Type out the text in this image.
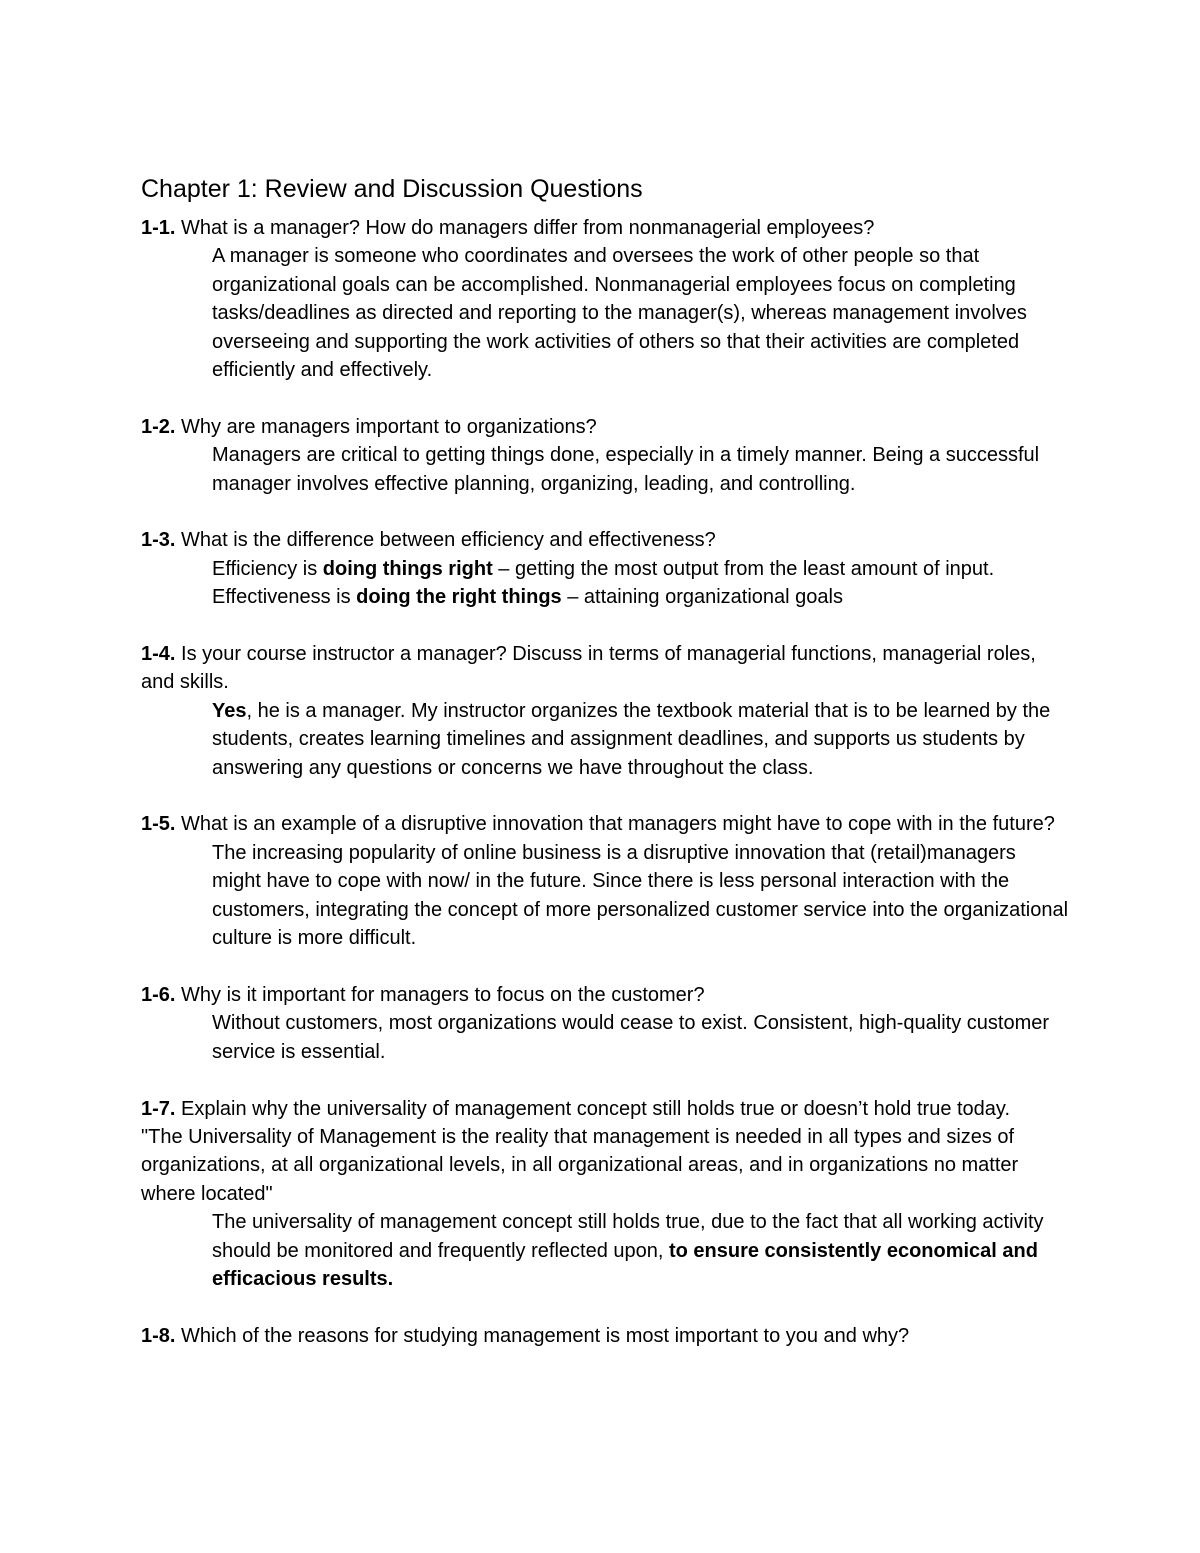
Chapter 1: Review and Discussion Questions

1-1. What is a manager? How do managers differ from nonmanagerial employees?

A manager is someone who coordinates and oversees the work of other people so that organizational goals can be accomplished. Nonmanagerial employees focus on completing tasks/deadlines as directed and reporting to the manager(s), whereas management involves overseeing and supporting the work activities of others so that their activities are completed efficiently and effectively.

1-2. Why are managers important to organizations?

Managers are critical to getting things done, especially in a timely manner. Being a successful manager involves effective planning, organizing, leading, and controlling.

1-3. What is the difference between efficiency and effectiveness?

Efficiency is doing things right – getting the most output from the least amount of input.

Effectiveness is doing the right things – attaining organizational goals

1-4. Is your course instructor a manager? Discuss in terms of managerial functions, managerial roles, and skills.

Yes, he is a manager. My instructor organizes the textbook material that is to be learned by the students, creates learning timelines and assignment deadlines, and supports us students by answering any questions or concerns we have throughout the class.

1-5. What is an example of a disruptive innovation that managers might have to cope with in the future?

The increasing popularity of online business is a disruptive innovation that (retail)managers might have to cope with now/ in the future. Since there is less personal interaction with the customers, integrating the concept of more personalized customer service into the organizational culture is more difficult.

1-6. Why is it important for managers to focus on the customer?

Without customers, most organizations would cease to exist. Consistent, high-quality customer service is essential.

1-7. Explain why the universality of management concept still holds true or doesn’t hold true today.

"The Universality of Management is the reality that management is needed in all types and sizes of organizations, at all organizational levels, in all organizational areas, and in organizations no matter where located"

The universality of management concept still holds true, due to the fact that all working activity should be monitored and frequently reflected upon, to ensure consistently economical and efficacious results.

1-8. Which of the reasons for studying management is most important to you and why?
